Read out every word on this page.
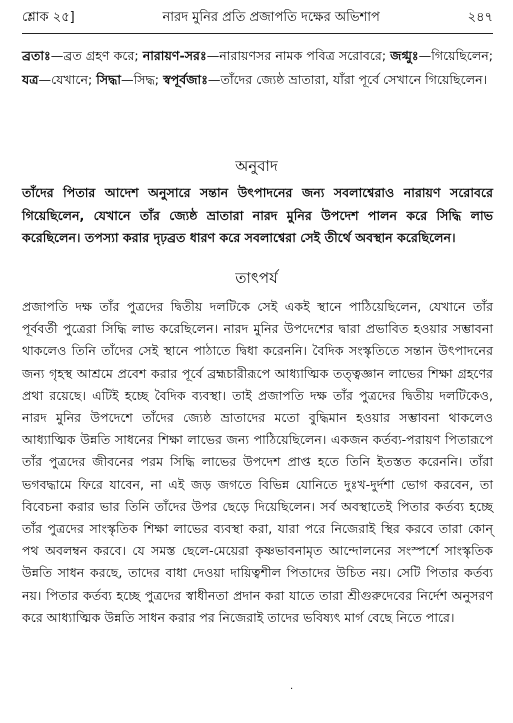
শ্লোক ২৫]	নারদ মুনির প্রতি প্রজাপতি দক্ষের অভিশাপ	২৪৭
ব্রতাঃ—ব্রত গ্রহণ করে; নারায়ণ-সরঃ—নারায়ণসর নামক পবিত্র সরোবরে; জগ্মুঃ—গিয়েছিলেন; যত্র—যেখানে; সিদ্ধা—সিদ্ধ; স্বপূর্বজাঃ—তাঁদের জ্যেষ্ঠ ভ্রাতারা, যাঁরা পূর্বে সেখানে গিয়েছিলেন।
অনুবাদ
তাঁদের পিতার আদেশ অনুসারে সন্তান উৎপাদনের জন্য সবলাশ্বেরাও নারায়ণ সরোবরে গিয়েছিলেন, যেখানে তাঁর জ্যেষ্ঠ ভ্রাতারা নারদ মুনির উপদেশ পালন করে সিদ্ধি লাভ করেছিলেন। তপস্যা করার দৃঢ়ব্রত ধারণ করে সবলাশ্বেরা সেই তীর্থে অবস্থান করেছিলেন।
তাৎপর্য
প্রজাপতি দক্ষ তাঁর পুত্রদের দ্বিতীয় দলটিকে সেই একই স্থানে পাঠিয়েছিলেন, যেখানে তাঁর পূর্ববর্তী পুত্রেরা সিদ্ধি লাভ করেছিলেন। নারদ মুনির উপদেশের দ্বারা প্রভাবিত হওয়ার সম্ভাবনা থাকলেও তিনি তাঁদের সেই স্থানে পাঠাতে দ্বিধা করেননি। বৈদিক সংস্কৃতিতে সন্তান উৎপাদনের জন্য গৃহস্থ আশ্রমে প্রবেশ করার পূর্বে ব্রহ্মচারীরূপে আধ্যাত্মিক তত্ত্বজ্ঞান লাভের শিক্ষা গ্রহণের প্রথা রয়েছে। এটিই হচ্ছে বৈদিক ব্যবস্থা। তাই প্রজাপতি দক্ষ তাঁর পুত্রদের দ্বিতীয় দলটিকেও, নারদ মুনির উপদেশে তাঁদের জ্যেষ্ঠ ভ্রাতাদের মতো বুদ্ধিমান হওয়ার সম্ভাবনা থাকলেও আধ্যাত্মিক উন্নতি সাধনের শিক্ষা লাভের জন্য পাঠিয়েছিলেন। একজন কর্তব্য-পরায়ণ পিতারূপে তাঁর পুত্রদের জীবনের পরম সিদ্ধি লাভের উপদেশ প্রাপ্ত হতে তিনি ইতস্তত করেননি। তাঁরা ভগবদ্ধামে ফিরে যাবেন, না এই জড় জগতে বিভিন্ন যোনিতে দুঃখ-দুর্দশা ভোগ করবেন, তা বিবেচনা করার ভার তিনি তাঁদের উপর ছেড়ে দিয়েছিলেন। সর্ব অবস্থাতেই পিতার কর্তব্য হচ্ছে তাঁর পুত্রদের সাংস্কৃতিক শিক্ষা লাভের ব্যবস্থা করা, যারা পরে নিজেরাই স্থির করবে তারা কোন্ পথ অবলম্বন করবে। যে সমস্ত ছেলে-মেয়েরা কৃষ্ণভাবনামৃত আন্দোলনের সংস্পর্শে সাংস্কৃতিক উন্নতি সাধন করছে, তাদের বাধা দেওয়া দায়িত্বশীল পিতাদের উচিত নয়। সেটি পিতার কর্তব্য নয়। পিতার কর্তব্য হচ্ছে পুত্রদের স্বাধীনতা প্রদান করা যাতে তারা শ্রীগুরুদেবের নির্দেশ অনুসরণ করে আধ্যাত্মিক উন্নতি সাধন করার পর নিজেরাই তাদের ভবিষ্যৎ মার্গ বেছে নিতে পারে।
·
